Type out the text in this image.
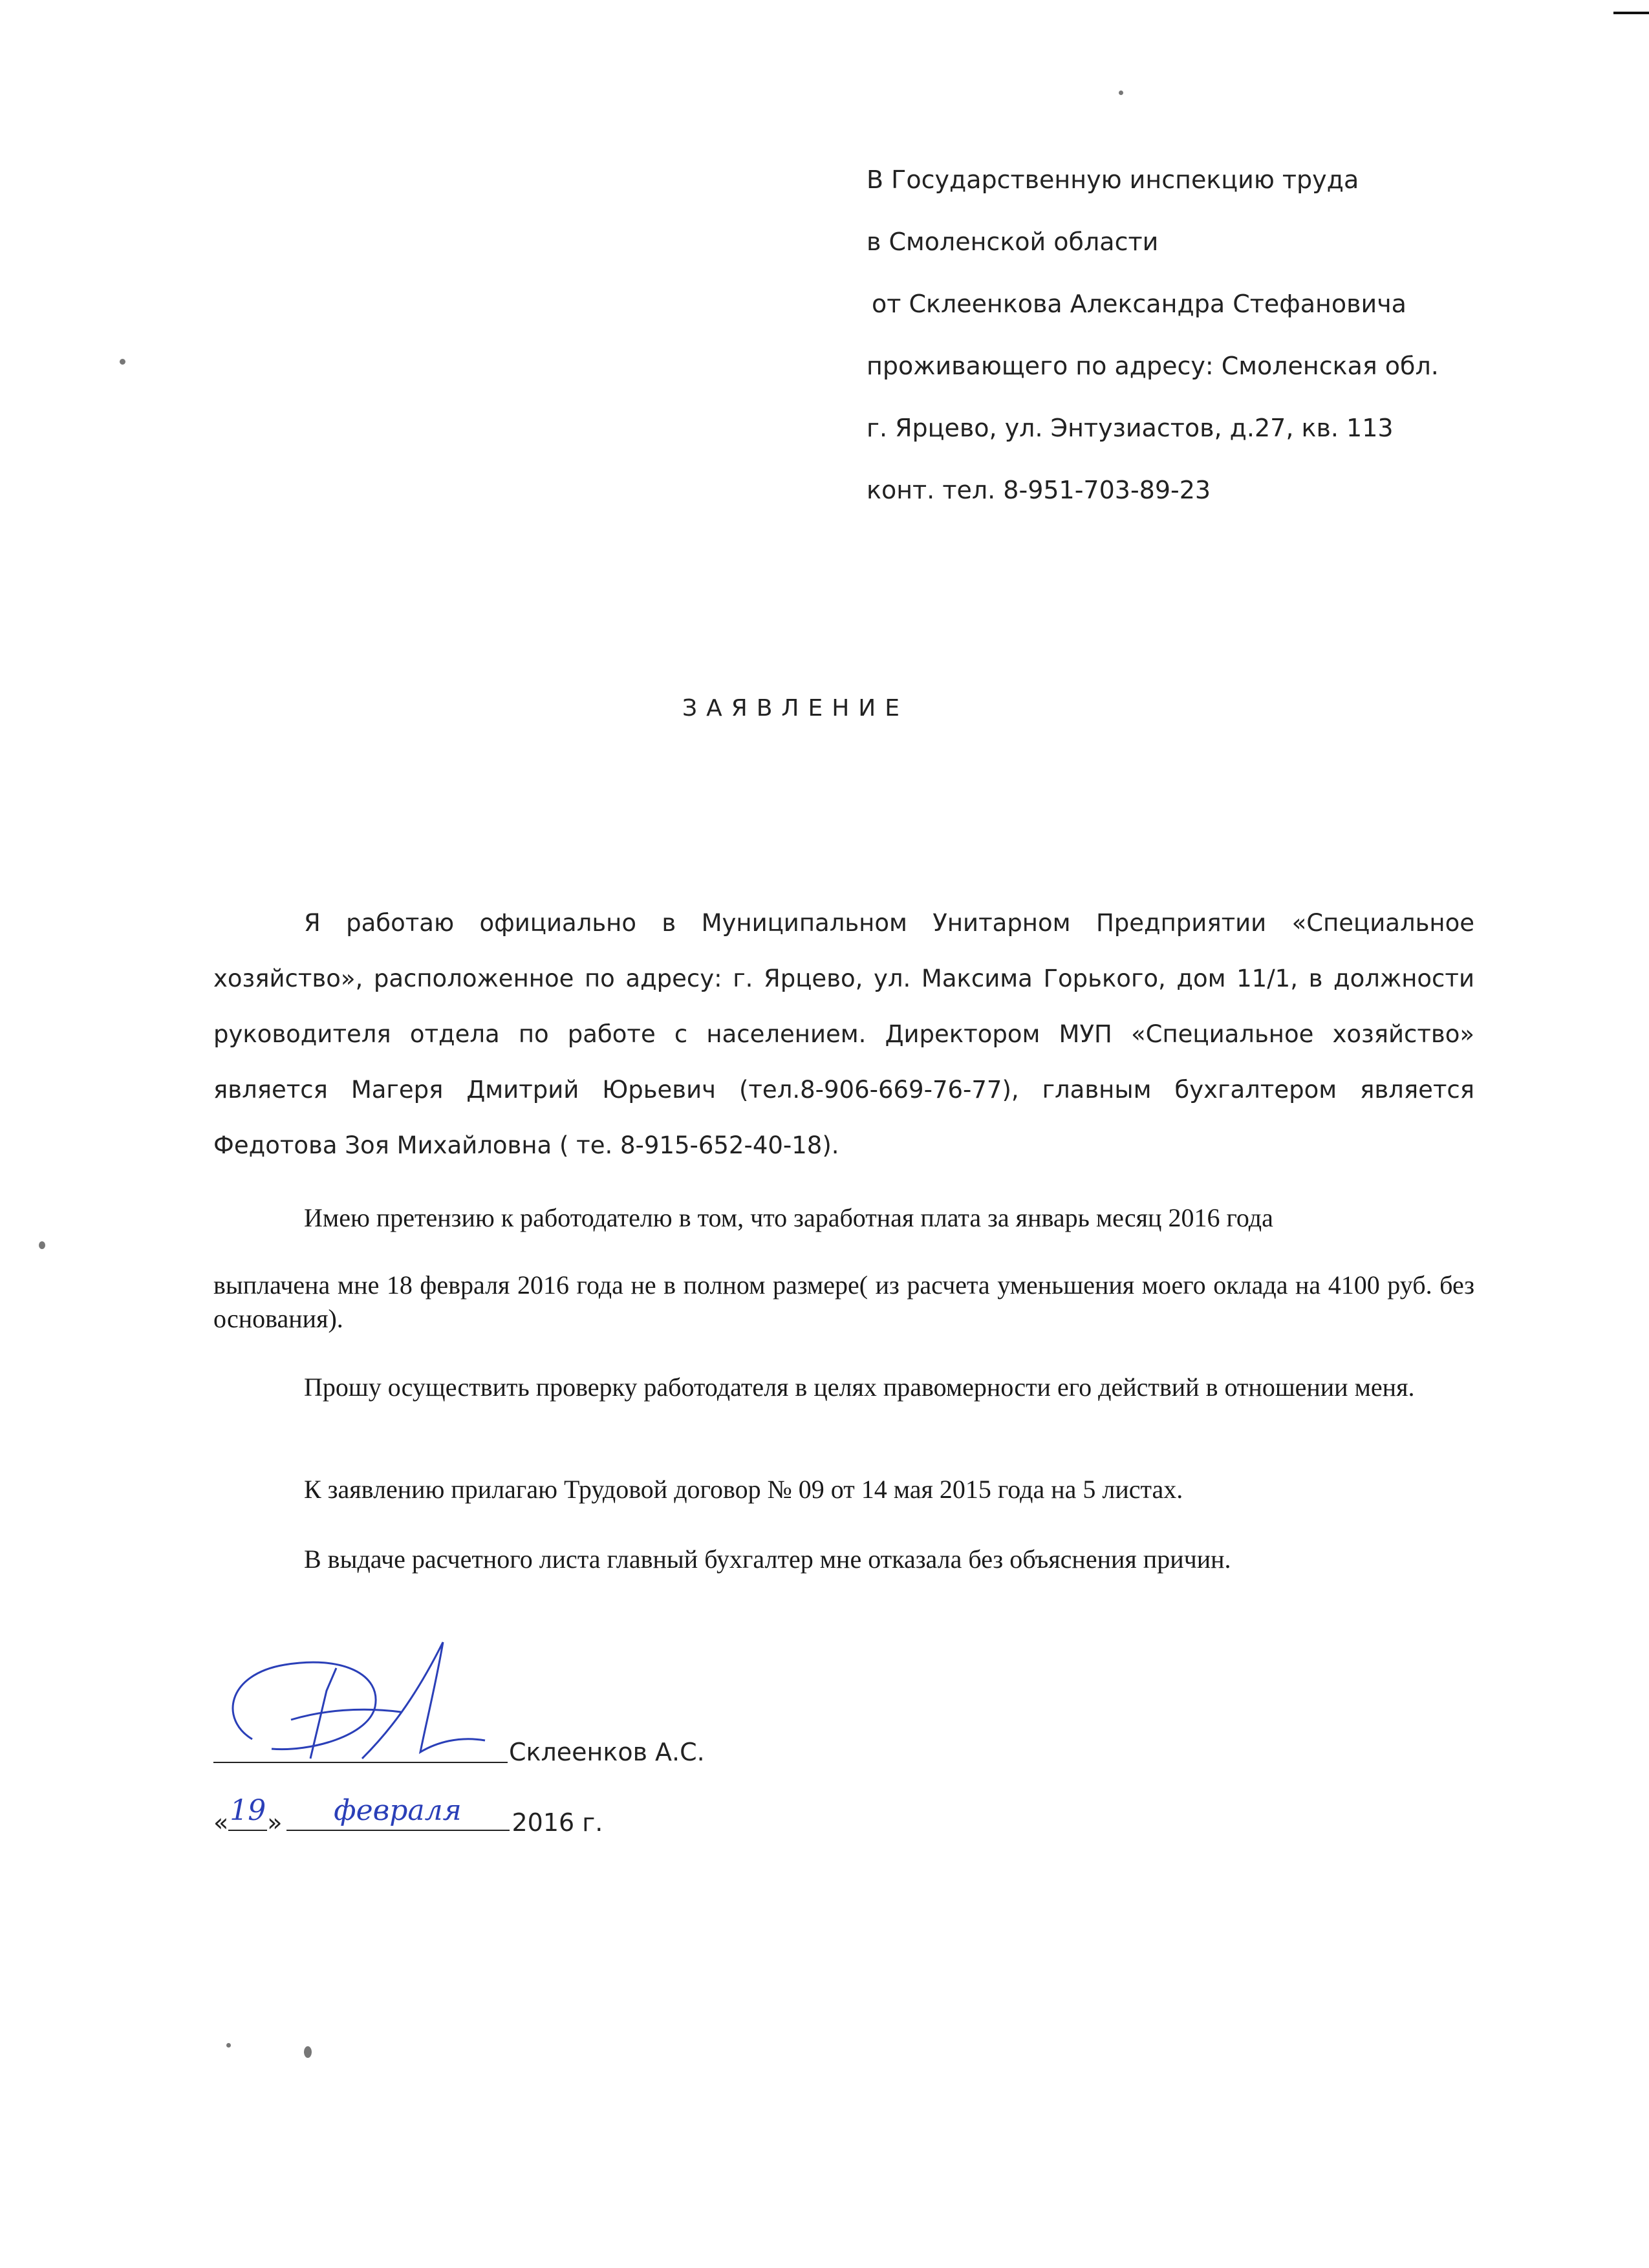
В Государственную инспекцию труда
в Смоленской области
от Склеенкова Александра Стефановича
проживающего по адресу: Смоленская обл.
г. Ярцево, ул. Энтузиастов, д.27, кв. 113
конт. тел. 8-951-703-89-23
ЗАЯВЛЕНИЕ
Я работаю официально в Муниципальном Унитарном Предприятии «Специальное хозяйство», расположенное по адресу: г. Ярцево, ул. Максима Горького, дом 11/1, в должности руководителя отдела по работе с населением. Директором МУП «Специальное хозяйство» является Магеря Дмитрий Юрьевич (тел.8-906-669-76-77), главным бухгалтером является Федотова Зоя Михайловна ( те. 8-915-652-40-18).
Имею претензию к работодателю в том, что заработная плата за январь месяц 2016 года
выплачена мне 18 февраля 2016 года не в полном размере( из расчета уменьшения моего оклада на 4100 руб. без основания).
Прошу осуществить проверку работодателя в целях правомерности его действий в отношении меня.
К заявлению прилагаю Трудовой договор № 09 от 14 мая 2015 года на 5 листах.
В выдаче расчетного листа главный бухгалтер мне отказала без объяснения причин.
Склеенков А.С.
« 19 »	февраля	2016 г.
